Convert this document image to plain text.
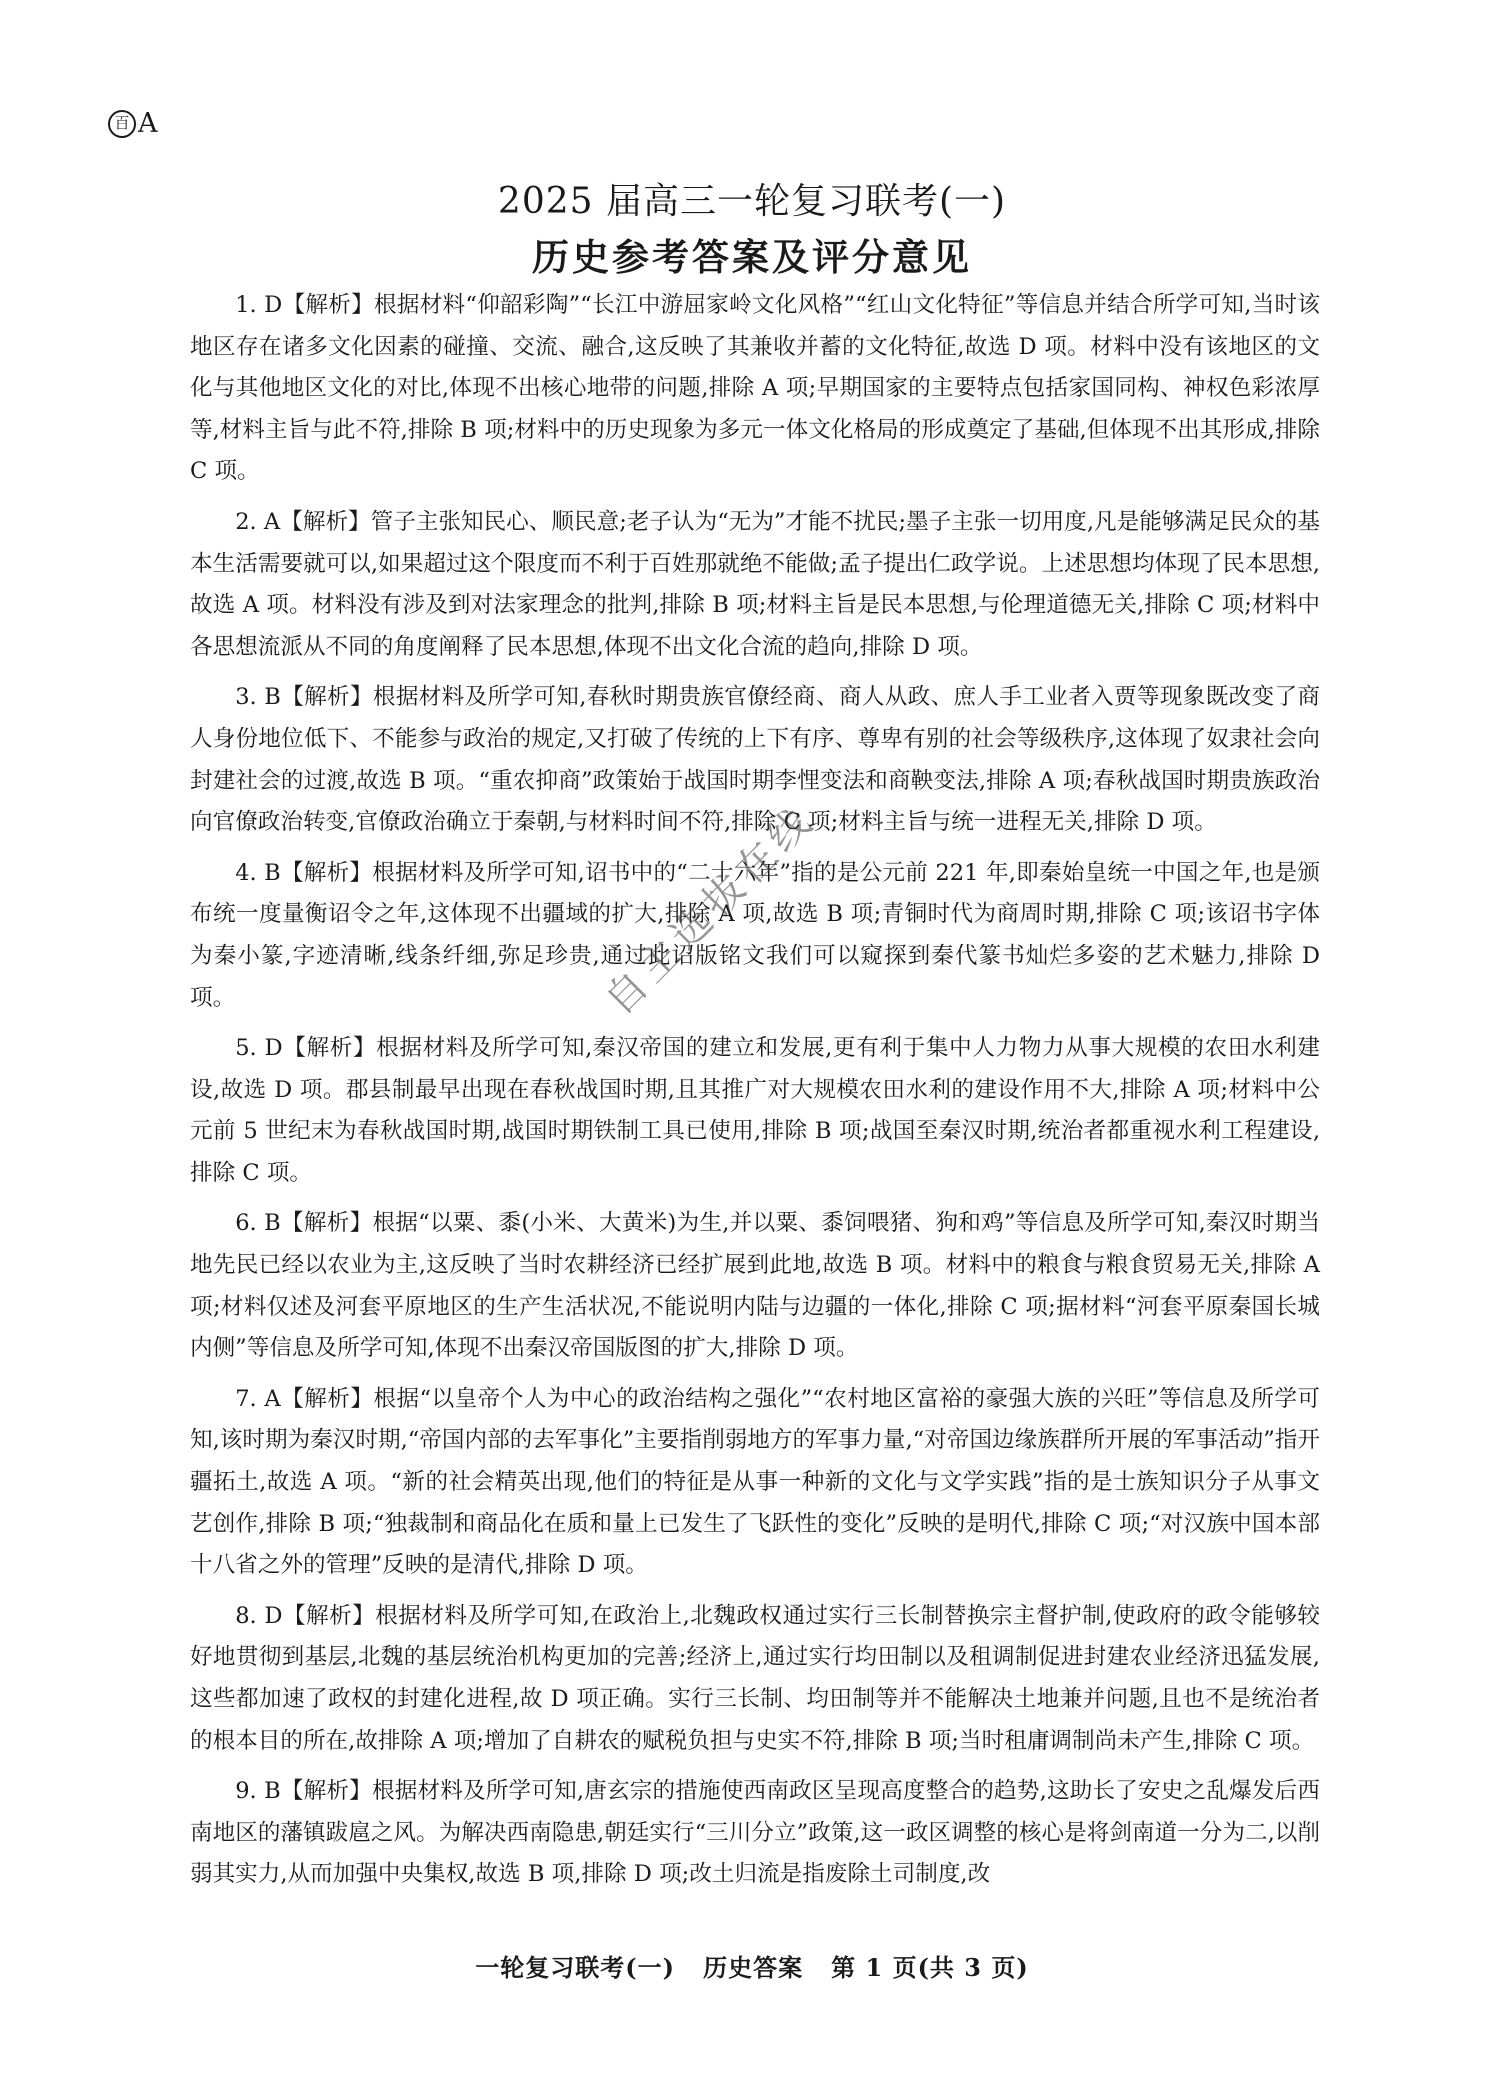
百 A
2025 届高三一轮复习联考(一)
历史参考答案及评分意见

1. D【解析】根据材料“仰韶彩陶”“长江中游屈家岭文化风格”“红山文化特征”等信息并结合所学可知,当时该地区存在诸多文化因素的碰撞、交流、融合,这反映了其兼收并蓄的文化特征,故选 D 项。材料中没有该地区的文化与其他地区文化的对比,体现不出核心地带的问题,排除 A 项;早期国家的主要特点包括家国同构、神权色彩浓厚等,材料主旨与此不符,排除 B 项;材料中的历史现象为多元一体文化格局的形成奠定了基础,但体现不出其形成,排除 C 项。

2. A【解析】管子主张知民心、顺民意;老子认为“无为”才能不扰民;墨子主张一切用度,凡是能够满足民众的基本生活需要就可以,如果超过这个限度而不利于百姓那就绝不能做;孟子提出仁政学说。上述思想均体现了民本思想,故选 A 项。材料没有涉及到对法家理念的批判,排除 B 项;材料主旨是民本思想,与伦理道德无关,排除 C 项;材料中各思想流派从不同的角度阐释了民本思想,体现不出文化合流的趋向,排除 D 项。

3. B【解析】根据材料及所学可知,春秋时期贵族官僚经商、商人从政、庶人手工业者入贾等现象既改变了商人身份地位低下、不能参与政治的规定,又打破了传统的上下有序、尊卑有别的社会等级秩序,这体现了奴隶社会向封建社会的过渡,故选 B 项。“重农抑商”政策始于战国时期李悝变法和商鞅变法,排除 A 项;春秋战国时期贵族政治向官僚政治转变,官僚政治确立于秦朝,与材料时间不符,排除 C 项;材料主旨与统一进程无关,排除 D 项。

4. B【解析】根据材料及所学可知,诏书中的“二十六年”指的是公元前 221 年,即秦始皇统一中国之年,也是颁布统一度量衡诏令之年,这体现不出疆域的扩大,排除 A 项,故选 B 项;青铜时代为商周时期,排除 C 项;该诏书字体为秦小篆,字迹清晰,线条纤细,弥足珍贵,通过此诏版铭文我们可以窥探到秦代篆书灿烂多姿的艺术魅力,排除 D 项。

5. D【解析】根据材料及所学可知,秦汉帝国的建立和发展,更有利于集中人力物力从事大规模的农田水利建设,故选 D 项。郡县制最早出现在春秋战国时期,且其推广对大规模农田水利的建设作用不大,排除 A 项;材料中公元前 5 世纪末为春秋战国时期,战国时期铁制工具已使用,排除 B 项;战国至秦汉时期,统治者都重视水利工程建设,排除 C 项。

6. B【解析】根据“以粟、黍(小米、大黄米)为生,并以粟、黍饲喂猪、狗和鸡”等信息及所学可知,秦汉时期当地先民已经以农业为主,这反映了当时农耕经济已经扩展到此地,故选 B 项。材料中的粮食与粮食贸易无关,排除 A 项;材料仅述及河套平原地区的生产生活状况,不能说明内陆与边疆的一体化,排除 C 项;据材料“河套平原秦国长城内侧”等信息及所学可知,体现不出秦汉帝国版图的扩大,排除 D 项。

7. A【解析】根据“以皇帝个人为中心的政治结构之强化”“农村地区富裕的豪强大族的兴旺”等信息及所学可知,该时期为秦汉时期,“帝国内部的去军事化”主要指削弱地方的军事力量,“对帝国边缘族群所开展的军事活动”指开疆拓土,故选 A 项。“新的社会精英出现,他们的特征是从事一种新的文化与文学实践”指的是士族知识分子从事文艺创作,排除 B 项;“独裁制和商品化在质和量上已发生了飞跃性的变化”反映的是明代,排除 C 项;“对汉族中国本部十八省之外的管理”反映的是清代,排除 D 项。

8. D【解析】根据材料及所学可知,在政治上,北魏政权通过实行三长制替换宗主督护制,使政府的政令能够较好地贯彻到基层,北魏的基层统治机构更加的完善;经济上,通过实行均田制以及租调制促进封建农业经济迅猛发展,这些都加速了政权的封建化进程,故 D 项正确。实行三长制、均田制等并不能解决土地兼并问题,且也不是统治者的根本目的所在,故排除 A 项;增加了自耕农的赋税负担与史实不符,排除 B 项;当时租庸调制尚未产生,排除 C 项。

9. B【解析】根据材料及所学可知,唐玄宗的措施使西南政区呈现高度整合的趋势,这助长了安史之乱爆发后西南地区的藩镇跋扈之风。为解决西南隐患,朝廷实行“三川分立”政策,这一政区调整的核心是将剑南道一分为二,以削弱其实力,从而加强中央集权,故选 B 项,排除 D 项;改土归流是指废除土司制度,改

自主选拔在线
一轮复习联考(一)   历史答案   第 1 页(共 3 页)
